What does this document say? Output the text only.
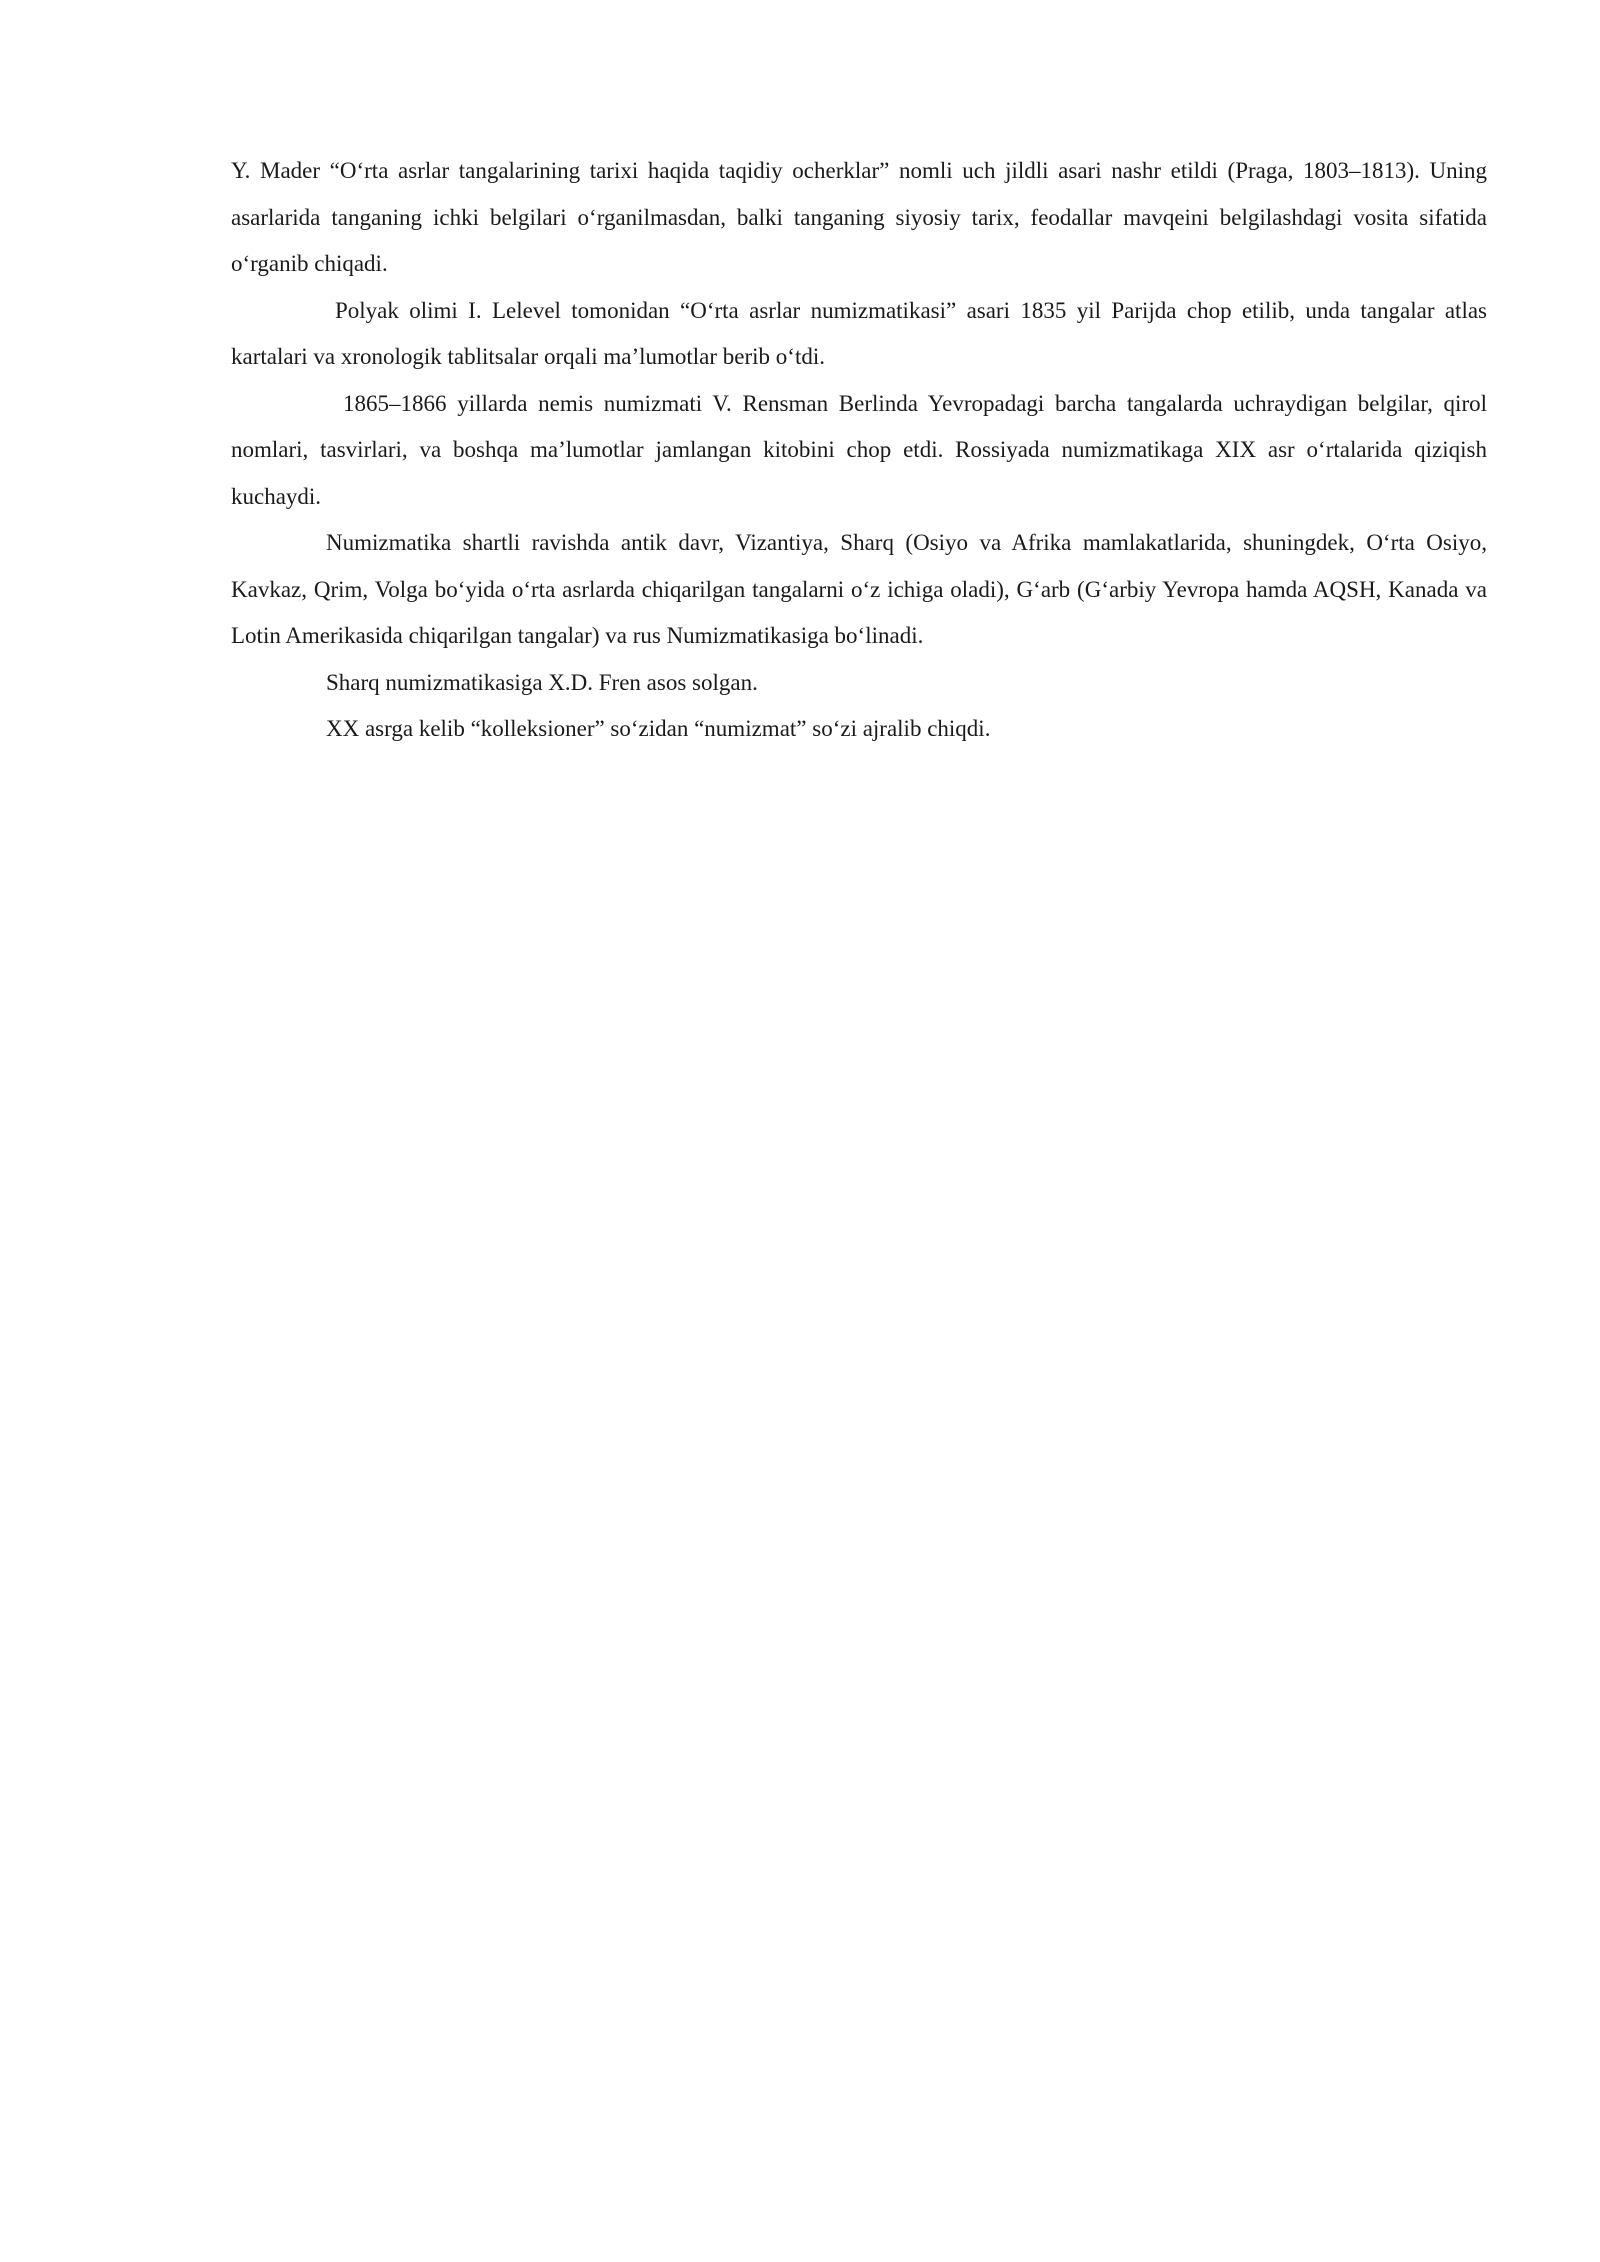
Y. Mader “O‘rta asrlar tangalarining tarixi haqida taqidiy ocherklar” nomli uch jildli asari nashr etildi (Praga, 1803–1813). Uning asarlarida tanganing ichki belgilari o‘rganilmasdan, balki tanganing siyosiy tarix, feodallar mavqeini belgilashdagi vosita sifatida o‘rganib chiqadi.

Polyak olimi I. Lelevel tomonidan “O‘rta asrlar numizmatikasi” asari 1835 yil Parijda chop etilib, unda tangalar atlas kartalari va xronologik tablitsalar orqali ma’lumotlar berib o‘tdi.

1865–1866 yillarda nemis numizmati V. Rensman Berlinda Yevropadagi barcha tangalarda uchraydigan belgilar, qirol nomlari, tasvirlari, va boshqa ma’lumotlar jamlangan kitobini chop etdi. Rossiyada numizmatikaga XIX asr o‘rtalarida qiziqish kuchaydi.

Numizmatika shartli ravishda antik davr, Vizantiya, Sharq (Osiyo va Afrika mamlakatlarida, shuningdek, O‘rta Osiyo, Kavkaz, Qrim, Volga bo‘yida o‘rta asrlarda chiqarilgan tangalarni o‘z ichiga oladi), G‘arb (G‘arbiy Yevropa hamda AQSH, Kanada va Lotin Amerikasida chiqarilgan tangalar) va rus Numizmatikasiga bo‘linadi.

Sharq numizmatikasiga X.D. Fren asos solgan.

XX asrga kelib “kolleksioner” so‘zidan “numizmat” so‘zi ajralib chiqdi.
